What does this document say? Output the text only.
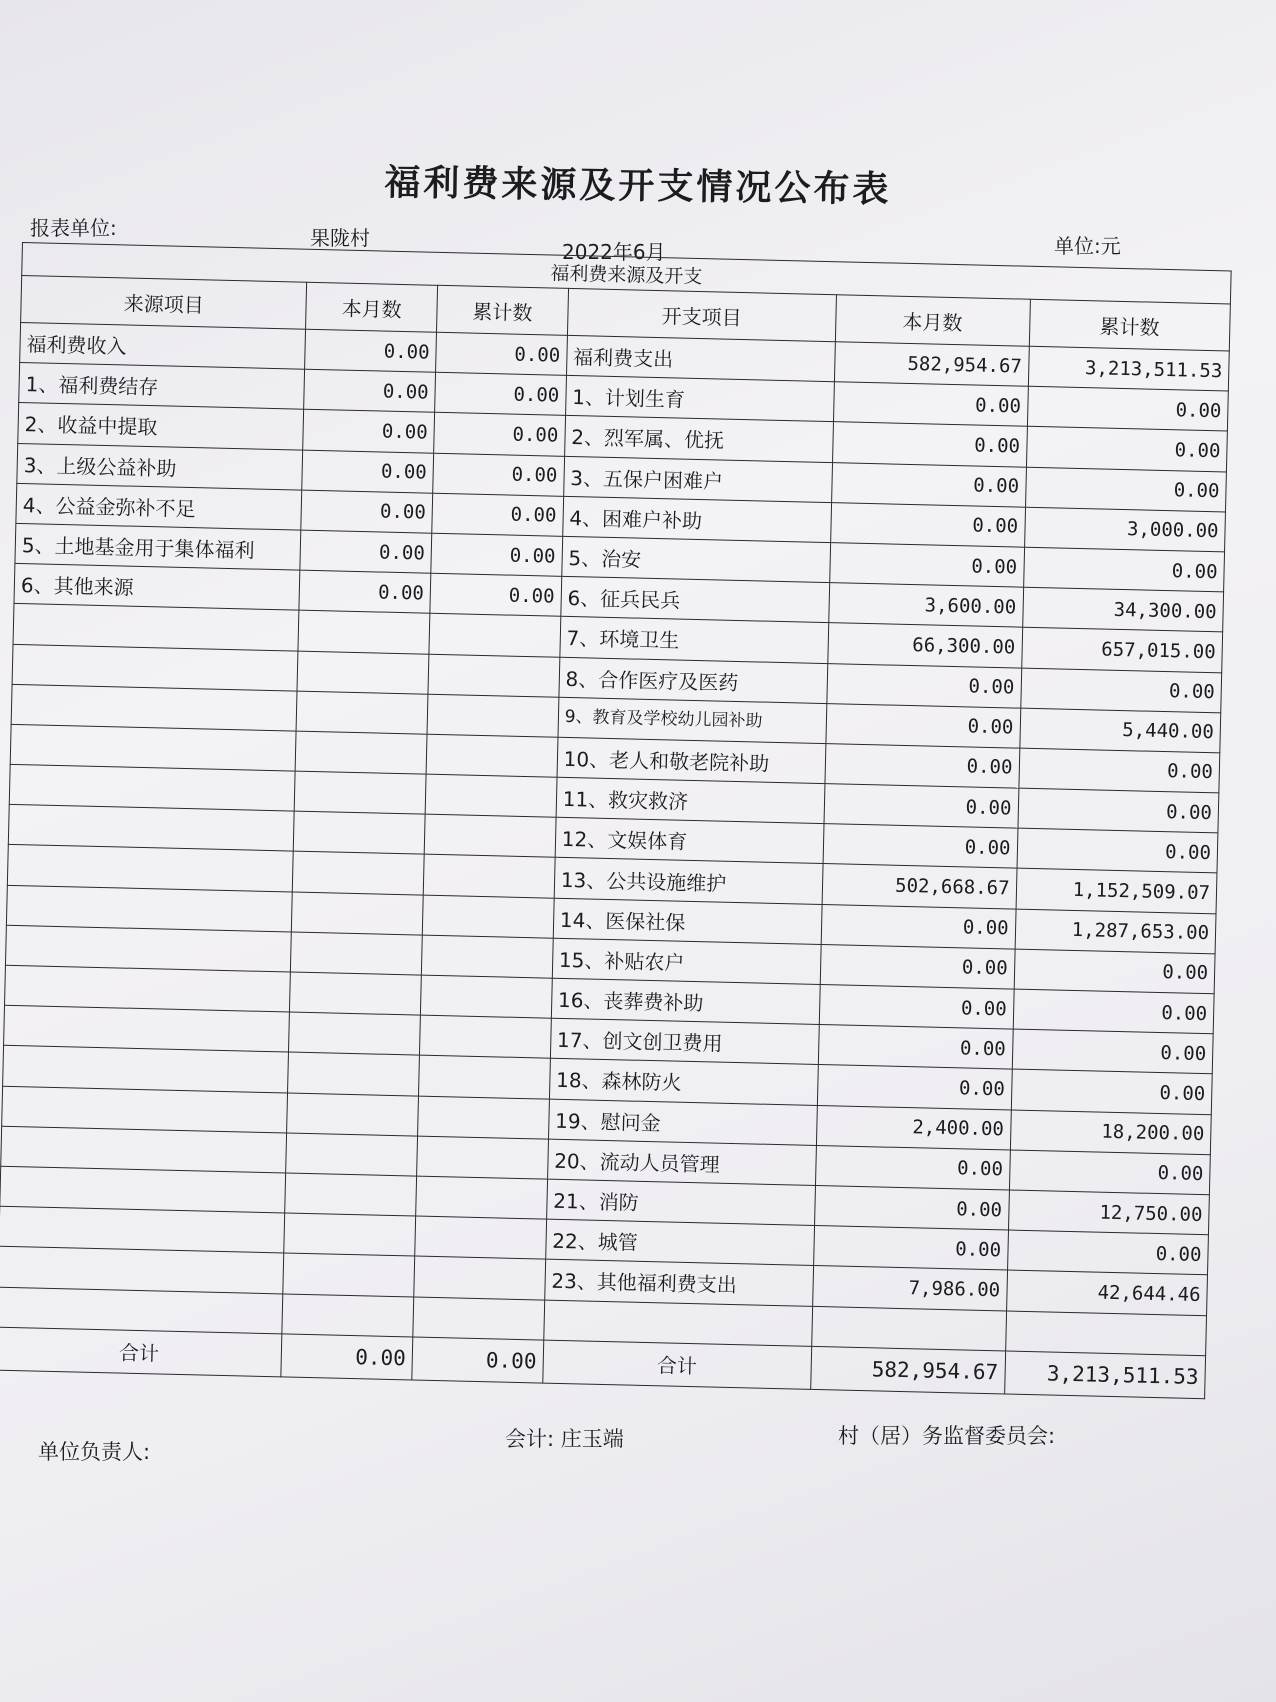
福利费来源及开支情况公布表
报表单位:	果陇村
2022年6月	单位:元
福利费来源及开支					
来源项目	本月数	累计数	开支项目	本月数	累计数
福利费收入	0.00	0.00	福利费支出	582,954.67	3,213,511.53
1、福利费结存	0.00	0.00	1、计划生育	0.00	0.00
2、收益中提取	0.00	0.00	2、烈军属、优抚	0.00	0.00
3、上级公益补助	0.00	0.00	3、五保户困难户	0.00	0.00
4、公益金弥补不足	0.00	0.00	4、困难户补助	0.00	3,000.00
5、土地基金用于集体福利	0.00	0.00	5、治安	0.00	0.00
6、其他来源	0.00	0.00	6、征兵民兵	3,600.00	34,300.00
			7、环境卫生	66,300.00	657,015.00
			8、合作医疗及医药	0.00	0.00
			9、教育及学校幼儿园补助	0.00	5,440.00
			10、老人和敬老院补助	0.00	0.00
			11、救灾救济	0.00	0.00
			12、文娱体育	0.00	0.00
			13、公共设施维护	502,668.67	1,152,509.07
			14、医保社保	0.00	1,287,653.00
			15、补贴农户	0.00	0.00
			16、丧葬费补助	0.00	0.00
			17、创文创卫费用	0.00	0.00
			18、森林防火	0.00	0.00
			19、慰问金	2,400.00	18,200.00
			20、流动人员管理	0.00	0.00
			21、消防	0.00	12,750.00
			22、城管	0.00	0.00
			23、其他福利费支出	7,986.00	42,644.46

合计	0.00	0.00	合计	582,954.67	3,213,511.53
单位负责人:
会计: 庄玉端	村（居）务监督委员会:
